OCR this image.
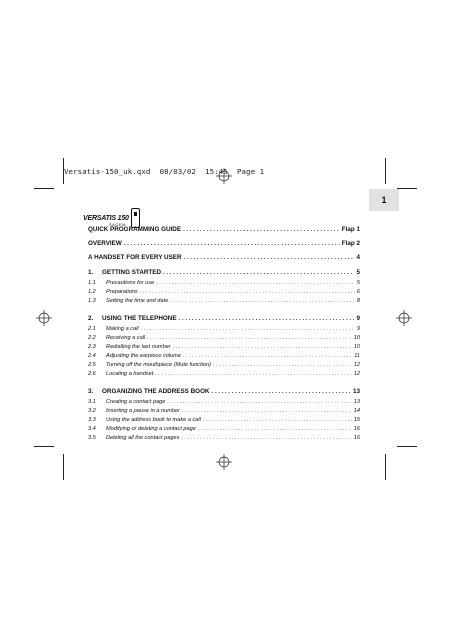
Versatis-150_uk.qxd 08/03/02 15:45 Page 1
1
VERSATIS 150
SAGEM
QUICK PROGRAMMING GUIDE .....	Flap 1
OVERVIEW .....	Flap 2
A HANDSET FOR EVERY USER .....	4
1.	GETTING STARTED .....	5
1.1	Precautions for use .....	5
1.2	Preparations .....	6
1.3	Setting the time and date .....	8
2.	USING THE TELEPHONE .....	9
2.1	Making a call .....	9
2.2	Receiving a call .....	10
2.3	Redialling the last number .....	10
2.4	Adjusting the earpiece volume .....	11
2.5	Turning off the mouthpiece (Mute function) .....	12
2.6	Locating a handset .....	12
3.	ORGANIZING THE ADDRESS BOOK .....	13
3.1	Creating a contact page .....	13
3.2	Inserting a pause in a number .....	14
3.3	Using the address book to make a call .....	15
3.4	Modifying or deleting a contact page .....	16
3.5	Deleting all the contact pages .....	16
